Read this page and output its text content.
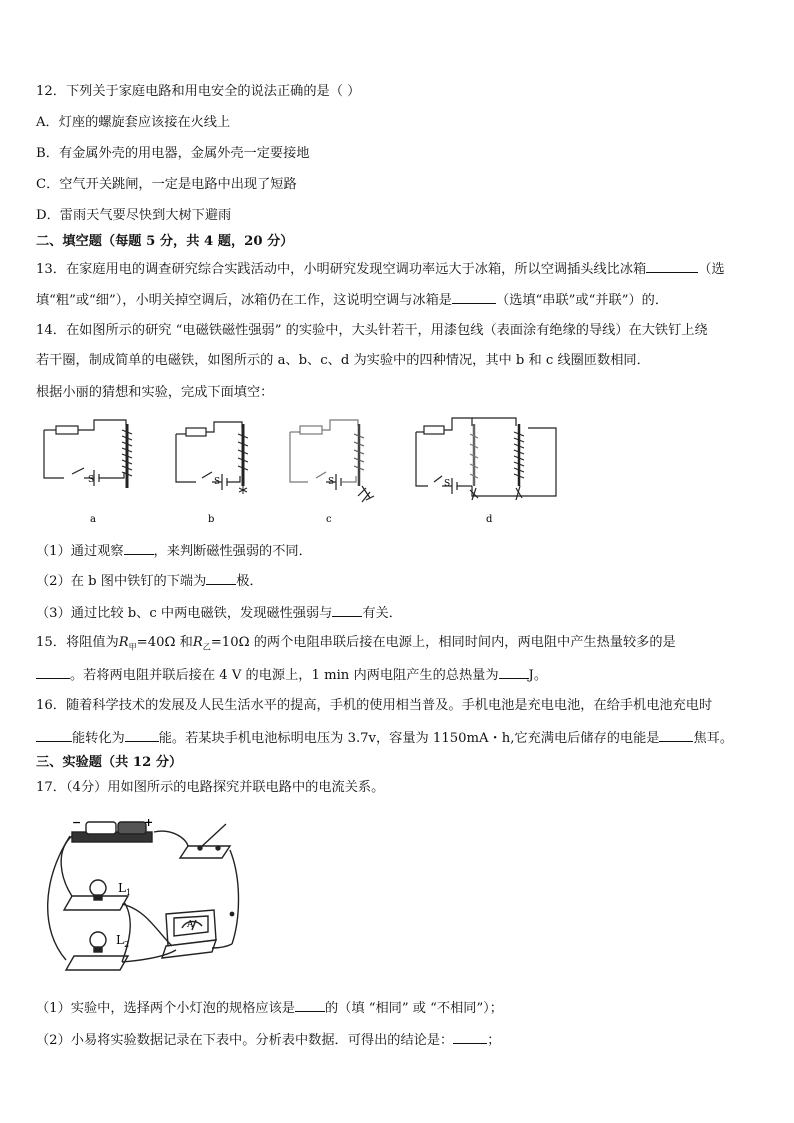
12．下列关于家庭电路和用电安全的说法正确的是（ ）
A．灯座的螺旋套应该接在火线上
B．有金属外壳的用电器，金属外壳一定要接地
C．空气开关跳闸，一定是电路中出现了短路
D．雷雨天气要尽快到大树下避雨
二、填空题（每题 5 分，共 4 题，20 分）
13．在家庭用电的调查研究综合实践活动中，小明研究发现空调功率远大于冰箱，所以空调插头线比冰箱	（选
填“粗”或“细”），小明关掉空调后，冰箱仍在工作，这说明空调与冰箱是	（选填“串联”或“并联”）的．
14．在如图所示的研究 “电磁铁磁性强弱” 的实验中，大头针若干，用漆包线（表面涂有绝缘的导线）在大铁钉上绕
若干圈，制成简单的电磁铁，如图所示的 a、b、c、d 为实验中的四种情况，其中 b 和 c 线圈匝数相同．
根据小丽的猜想和实验，完成下面填空：
S	S	S	S
a	b	c	d
（1）通过观察 ，来判断磁性强弱的不同．
（2）在 b 图中铁钉的下端为 极．
（3）通过比较 b、c 中两电磁铁，发现磁性强弱与 有关．
15．将阻值为$R_甲=40\Omega$ 和$R_乙=10\Omega$ 的两个电阻串联后接在电源上，相同时间内，两电阻中产生热量较多的是
。若将两电阻并联后接在 4 V 的电源上，1 min 内两电阻产生的总热量为 J。
16．随着科学技术的发展及人民生活水平的提高，手机的使用相当普及。手机电池是充电电池，在给手机电池充电时
能转化为	能。若某块手机电池标明电压为 3.7v，容量为 1150mA・h,它充满电后储存的电能是	焦耳。
三、实验题（共 12 分）
17．（4分）用如图所示的电路探究并联电路中的电流关系。
−	+
$L_1$
$L_2$
A
（1）实验中，选择两个小灯泡的规格应该是 的（填 “相同” 或 “不相同”）；
（2）小易将实验数据记录在下表中。分析表中数据．可得出的结论是：	；
